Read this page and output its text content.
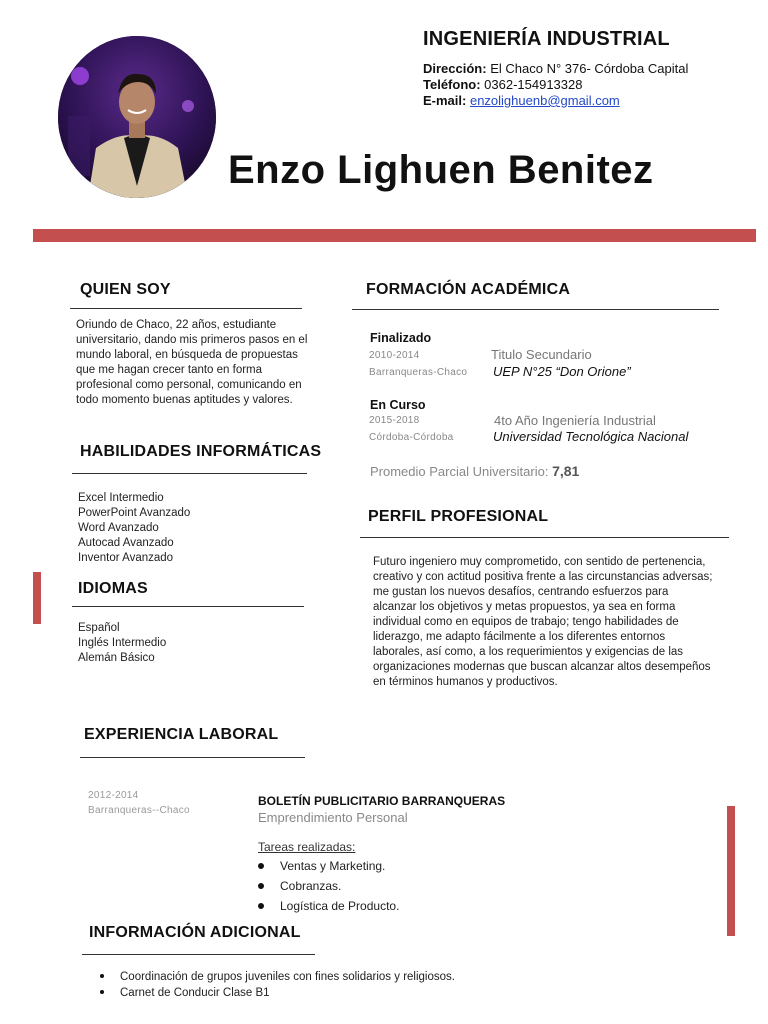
INGENIERÍA INDUSTRIAL
Dirección: El Chaco N° 376- Córdoba Capital
Teléfono: 0362-154913328
E-mail: enzolighuenb@gmail.com
Enzo Lighuen Benitez
QUIEN SOY
Oriundo de Chaco, 22 años, estudiante universitario, dando mis primeros pasos en el mundo laboral, en búsqueda de propuestas que me hagan crecer tanto en forma profesional como personal, comunicando en todo momento buenas aptitudes y valores.
HABILIDADES INFORMÁTICAS
Excel Intermedio
PowerPoint Avanzado
Word Avanzado
Autocad Avanzado
Inventor Avanzado
IDIOMAS
Español
Inglés Intermedio
Alemán Básico
FORMACIÓN ACADÉMICA
Finalizado
2010-2014
Barranqueras-Chaco
Titulo Secundario
UEP N°25 “Don Orione”
En Curso
2015-2018
Córdoba-Córdoba
4to Año Ingeniería Industrial
Universidad Tecnológica Nacional
Promedio Parcial Universitario: 7,81
PERFIL PROFESIONAL
Futuro ingeniero muy comprometido, con sentido de pertenencia, creativo y con actitud positiva frente a las circunstancias adversas; me gustan los nuevos desafíos, centrando esfuerzos para alcanzar los objetivos y metas propuestos, ya sea en forma individual como en equipos de trabajo; tengo habilidades de liderazgo, me adapto fácilmente a los diferentes entornos laborales, así como, a los requerimientos y exigencias de las organizaciones modernas que buscan alcanzar altos desempeños en términos humanos y productivos.
EXPERIENCIA LABORAL
2012-2014
Barranqueras--Chaco
BOLETÍN PUBLICITARIO BARRANQUERAS
Emprendimiento Personal
Tareas realizadas:
Ventas y Marketing.
Cobranzas.
Logística de Producto.
INFORMACIÓN ADICIONAL
Coordinación de grupos juveniles con fines solidarios y religiosos.
Carnet de Conducir Clase B1
